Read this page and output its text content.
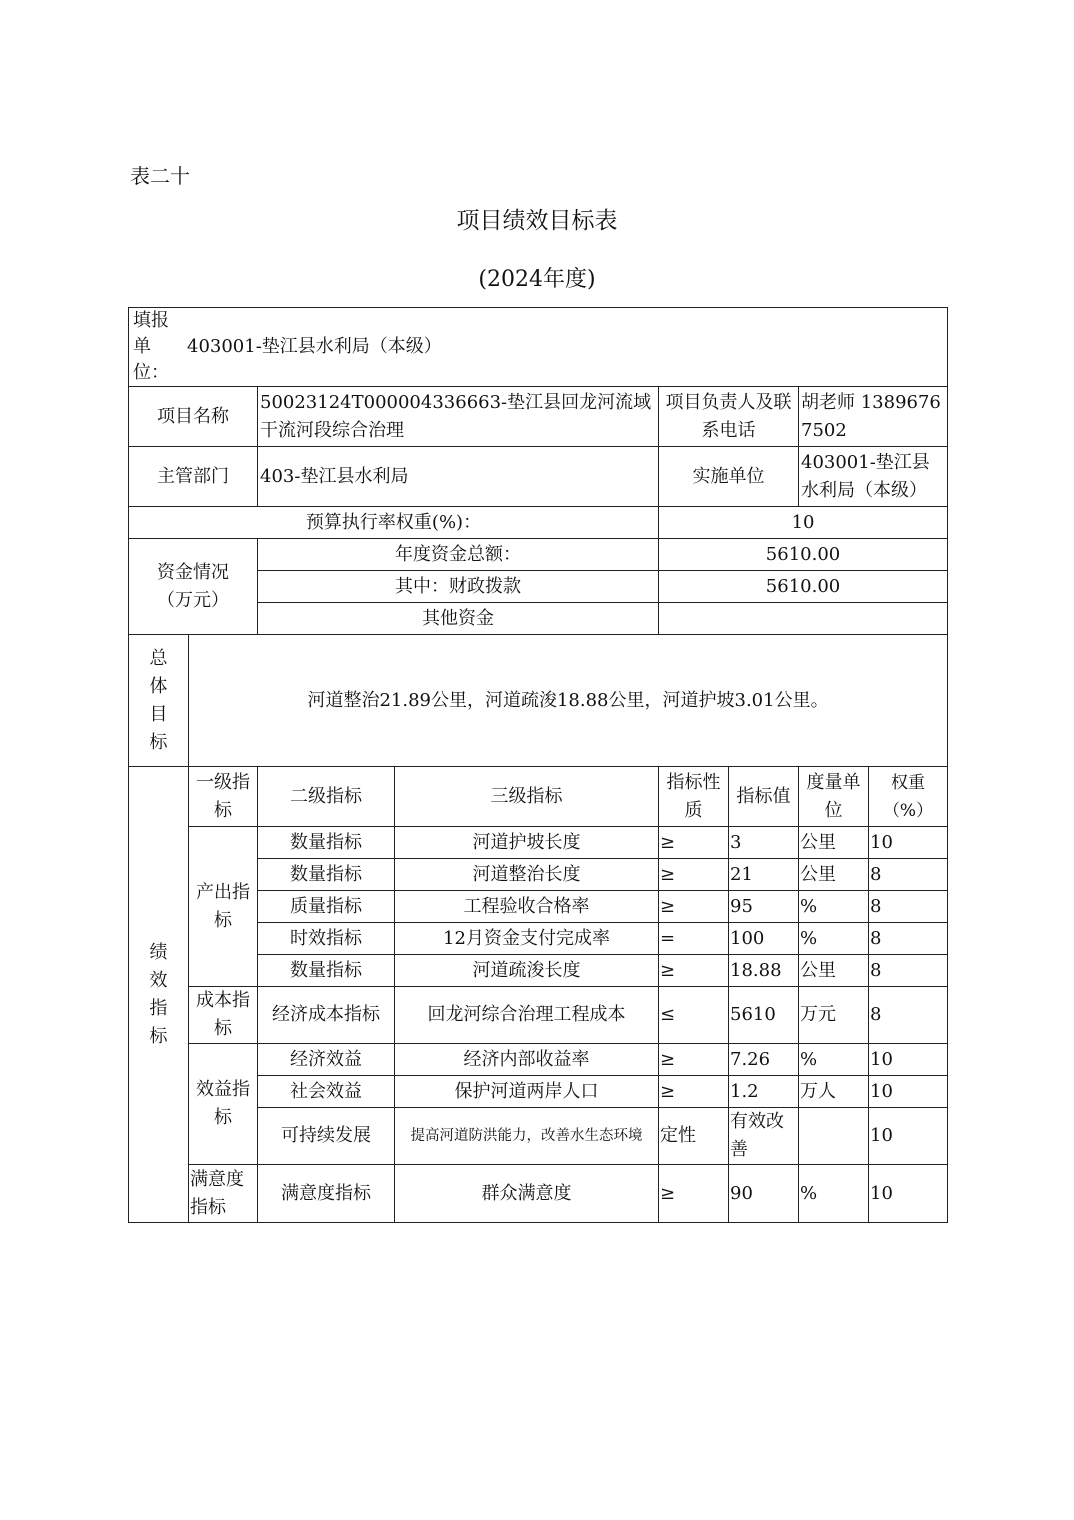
表二十
项目绩效目标表
(2024年度)
填报单位：403001-垫江县水利局（本级）							
项目名称		50023124T000004336663-垫江县回龙河流域干流河段综合治理		项目负责人及联系电话		胡老师 13896767502	
主管部门		403-垫江县水利局		实施单位		403001-垫江县水利局（本级）	
预算执行率权重(%)：				10			
资金情况（万元）		年度资金总额：		5610.00			
		其中：财政拨款		5610.00			
		其他资金					
总体目标	河道整治21.89公里，河道疏浚18.88公里，河道护坡3.01公里。						
绩效指标	一级指标	二级指标	三级指标	指标性质	指标值	度量单位	权重（%）
	产出指标	数量指标	河道护坡长度	≥	3	公里	10
		数量指标	河道整治长度	≥	21	公里	8
		质量指标	工程验收合格率	≥	95	%	8
		时效指标	12月资金支付完成率	=	100	%	8
		数量指标	河道疏浚长度	≥	18.88	公里	8
	成本指标	经济成本指标	回龙河综合治理工程成本	≤	5610	万元	8
	效益指标	经济效益	经济内部收益率	≥	7.26	%	10
		社会效益	保护河道两岸人口	≥	1.2	万人	10
		可持续发展	提高河道防洪能力，改善水生态环境	定性	有效改善		10
	满意度指标	满意度指标	群众满意度	≥	90	%	10
